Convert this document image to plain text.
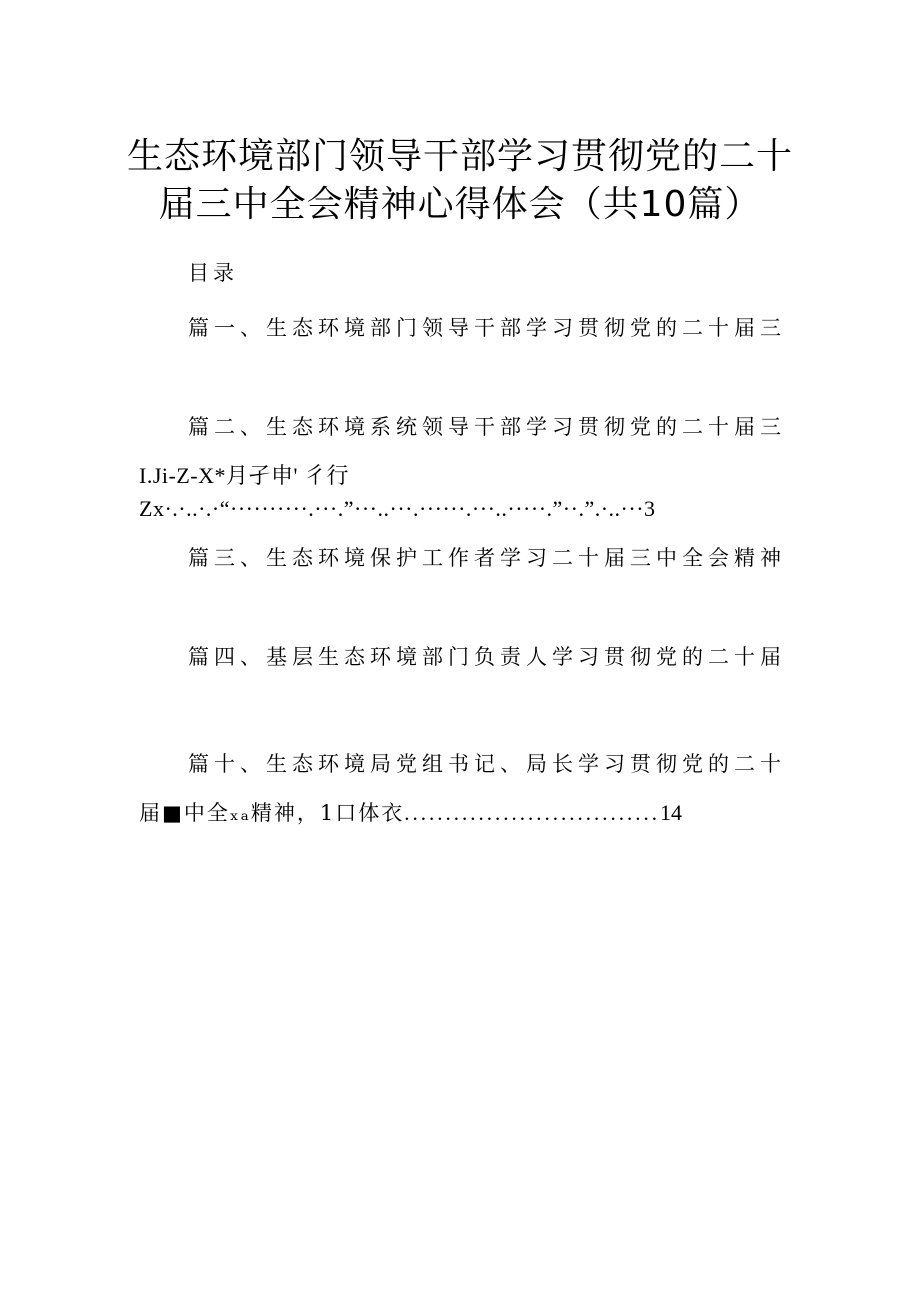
生态环境部门领导干部学习贯彻党的二十
届三中全会精神心得体会（共10篇）
目录
篇一、生态环境部门领导干部学习贯彻党的二十届三
篇二、生态环境系统领导干部学习贯彻党的二十届三
I.Ji-Z-X*月孑申' 彳行
Zx·.·..·.·“··········.···.”···..···.······.···..·····.”··.”.·..···3
篇三、生态环境保护工作者学习二十届三中全会精神
篇四、基层生态环境部门负责人学习贯彻党的二十届
篇十、生态环境局党组书记、局长学习贯彻党的二十
届■中全ₓₐ精神，1口体衣...............................14
